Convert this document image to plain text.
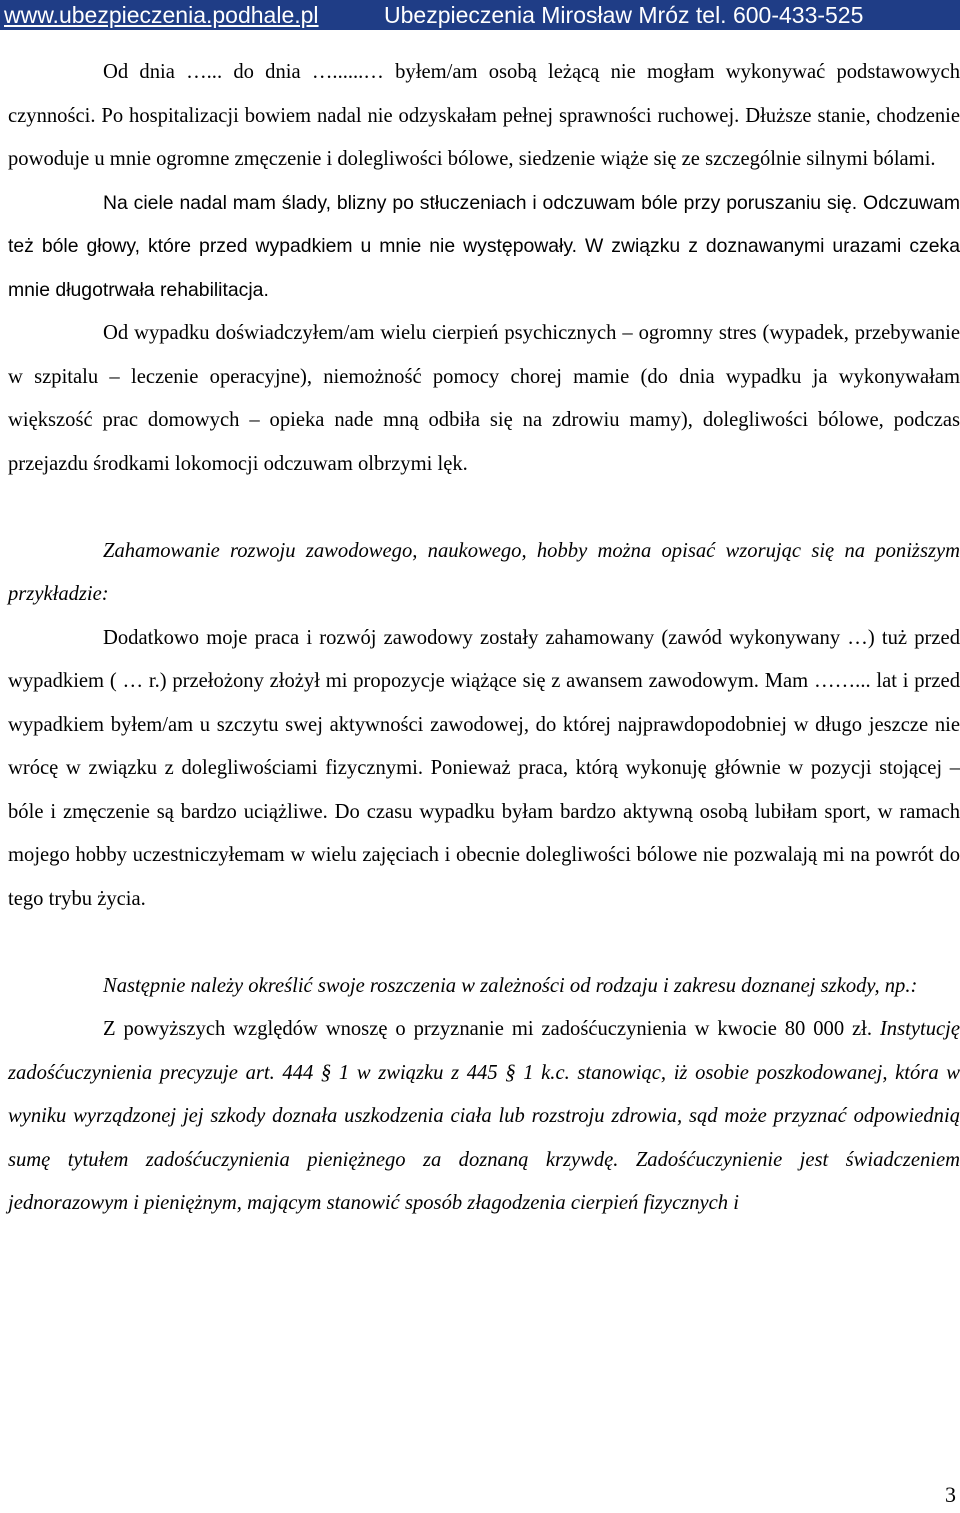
www.ubezpieczenia.podhale.pl	Ubezpieczenia Mirosław Mróz tel. 600-433-525

Od dnia …... do dnia …......… byłem/am osobą leżącą nie mogłam wykonywać podstawowych czynności. Po hospitalizacji bowiem nadal nie odzyskałam pełnej sprawności ruchowej. Dłuższe stanie, chodzenie powoduje u mnie ogromne zmęczenie i dolegliwości bólowe, siedzenie wiąże się ze szczególnie silnymi bólami.

Na ciele nadal mam ślady, blizny po stłuczeniach i odczuwam bóle przy poruszaniu się. Odczuwam też bóle głowy, które przed wypadkiem u mnie nie występowały. W związku z doznawanymi urazami czeka mnie długotrwała rehabilitacja.

Od wypadku doświadczyłem/am wielu cierpień psychicznych – ogromny stres (wypadek, przebywanie w szpitalu – leczenie operacyjne), niemożność pomocy chorej mamie (do dnia wypadku ja wykonywałam większość prac domowych – opieka nade mną odbiła się na zdrowiu mamy), dolegliwości bólowe, podczas przejazdu środkami lokomocji odczuwam olbrzymi lęk.

Zahamowanie rozwoju zawodowego, naukowego, hobby można opisać wzorując się na poniższym przykładzie:

Dodatkowo moje praca i rozwój zawodowy zostały zahamowany (zawód wykonywany …) tuż przed wypadkiem ( … r.) przełożony złożył mi propozycje wiążące się z awansem zawodowym. Mam ……... lat i przed wypadkiem byłem/am u szczytu swej aktywności zawodowej, do której najprawdopodobniej w długo jeszcze nie wrócę w związku z dolegliwościami fizycznymi. Ponieważ praca, którą wykonuję głównie w pozycji stojącej – bóle i zmęczenie są bardzo uciążliwe. Do czasu wypadku byłam bardzo aktywną osobą lubiłam sport, w ramach mojego hobby uczestniczyłemam w wielu zajęciach i obecnie dolegliwości bólowe nie pozwalają mi na powrót do tego trybu życia.

Następnie należy określić swoje roszczenia w zależności od rodzaju i zakresu doznanej szkody, np.:

Z powyższych względów wnoszę o przyznanie mi zadośćuczynienia w kwocie 80 000 zł. Instytucję zadośćuczynienia precyzuje art. 444 § 1 w związku z 445 § 1 k.c. stanowiąc, iż osobie poszkodowanej, która w wyniku wyrządzonej jej szkody doznała uszkodzenia ciała lub rozstroju zdrowia, sąd może przyznać odpowiednią sumę tytułem zadośćuczynienia pieniężnego za doznaną krzywdę. Zadośćuczynienie jest świadczeniem jednorazowym i pieniężnym, mającym stanowić sposób złagodzenia cierpień fizycznych i

3
